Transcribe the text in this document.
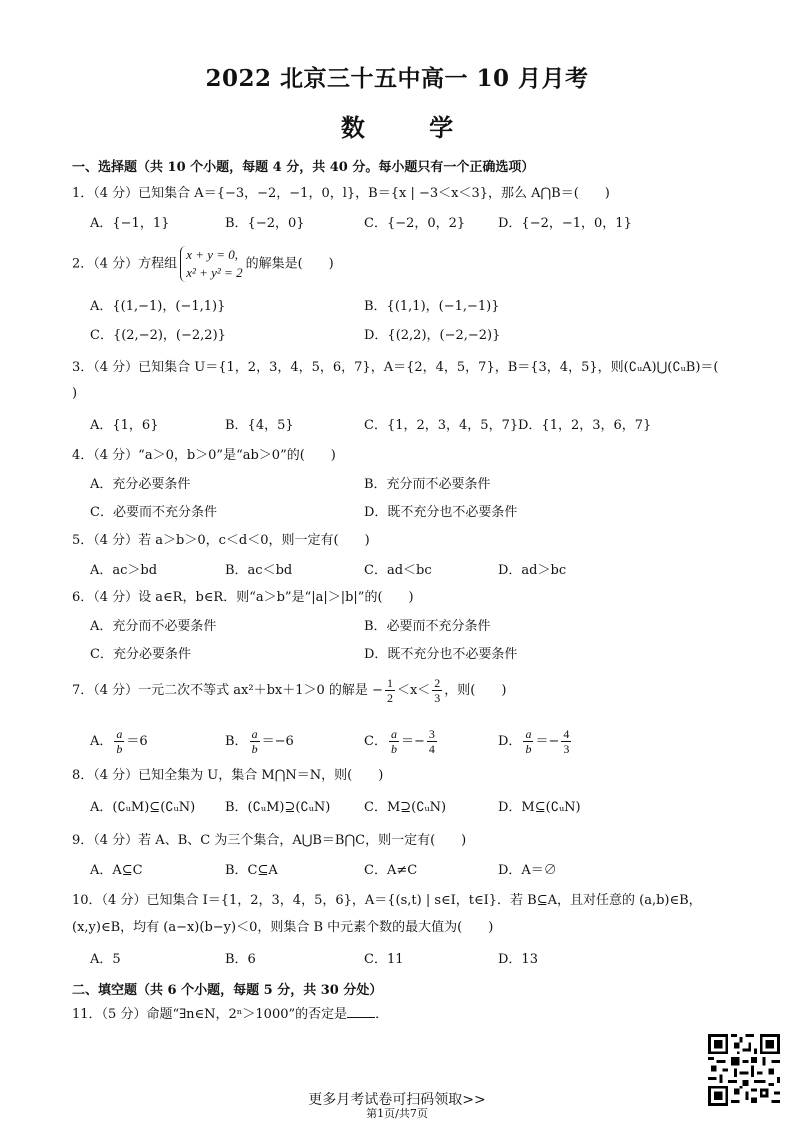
2022 北京三十五中高一 10 月月考
数 学
一、选择题（共 10 个小题，每题 4 分，共 40 分。每小题只有一个正确选项）
1．（4 分）已知集合 A＝{−3，−2，−1，0，l}，B＝{x | −3＜x＜3}，那么 A⋂B＝(　　)
A．{−1，1}	B．{−2，0}	C．{−2，0，2}	D．{−2，−1，0，1}
2．（4 分）方程组
x + y = 0,
x² + y² = 2
的解集是(　　)
A．{(1,−1)，(−1,1)}	B．{(1,1)，(−1,−1)}
C．{(2,−2)，(−2,2)}	D．{(2,2)，(−2,−2)}
3．（4 分）已知集合 U＝{1，2，3，4，5，6，7}，A＝{2，4，5，7}，B＝{3，4，5}，则(∁ᵤA)⋃(∁ᵤB)＝(
)
A．{1，6}	B．{4，5}	C．{1，2，3，4，5，7} D．{1，2，3，6，7}
4．（4 分）“a＞0，b＞0”是“ab＞0”的(　　)
A．充分必要条件	B．充分而不必要条件
C．必要而不充分条件	D．既不充分也不必要条件
5．（4 分）若 a＞b＞0，c＜d＜0，则一定有(　　)
A．ac＞bd	B．ac＜bd	C．ad＜bc	D．ad＞bc
6．（4 分）设 a∈R，b∈R．则“a＞b”是“|a|＞|b|”的(　　)
A．充分而不必要条件	B．必要而不充分条件
C．充分必要条件	D．既不充分也不必要条件
7．（4 分）一元二次不等式 ax²＋bx＋1＞0 的解是 − $\frac{1}{2} <x< \frac{2}{3}$ ，则(　　)
A． $\frac{a}{b} =6$	B． $\frac{a}{b} =-6$	C． $\frac{a}{b} =- \frac{3}{4}$	D． $\frac{a}{b} =- \frac{4}{3}$
8．（4 分）已知全集为 U，集合 M⋂N＝N，则(　　)
A．(∁ᵤM)⊆(∁ᵤN) B．(∁ᵤM)⊇(∁ᵤN)	C．M⊇(∁ᵤN)	D．M⊆(∁ᵤN)
9．（4 分）若 A、B、C 为三个集合，A⋃B＝B⋂C，则一定有(　　)
A．A⊆C	B．C⊆A	C．A≠C	D．A＝∅
10．（4 分）已知集合 I＝{1，2，3，4，5，6}，A＝{(s,t) | s∈I，t∈I}．若 B⊆A，且对任意的 (a,b)∈B，
(x,y)∈B，均有 (a−x)(b−y)＜0，则集合 B 中元素个数的最大值为(　　)
A．5	B．6	C．11	D．13
二、填空题（共 6 个小题，每题 5 分，共 30 分处）
11．（5 分）命题“∃n∈N，2ⁿ＞1000”的否定是 ．
更多月考试卷可扫码领取>>
第1页/共7页
